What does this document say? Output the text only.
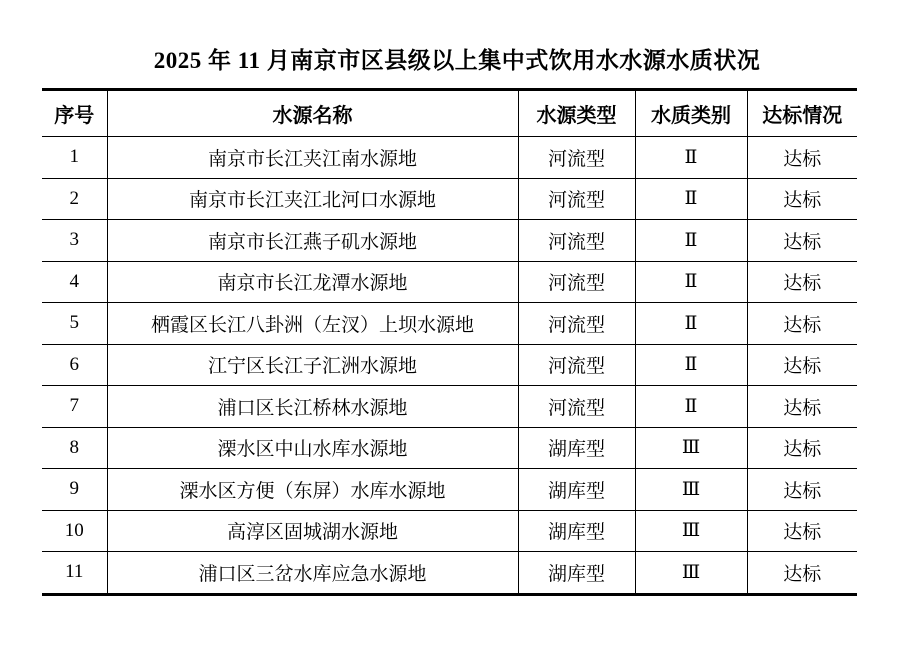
2025 年 11 月南京市区县级以上集中式饮用水水源水质状况
序号	水源名称	水源类型	水质类别	达标情况
1	南京市长江夹江南水源地	河流型	Ⅱ	达标
2	南京市长江夹江北河口水源地	河流型	Ⅱ	达标
3	南京市长江燕子矶水源地	河流型	Ⅱ	达标
4	南京市长江龙潭水源地	河流型	Ⅱ	达标
5	栖霞区长江八卦洲（左汊）上坝水源地	河流型	Ⅱ	达标
6	江宁区长江子汇洲水源地	河流型	Ⅱ	达标
7	浦口区长江桥林水源地	河流型	Ⅱ	达标
8	溧水区中山水库水源地	湖库型	Ⅲ	达标
9	溧水区方便（东屏）水库水源地	湖库型	Ⅲ	达标
10	高淳区固城湖水源地	湖库型	Ⅲ	达标
11	浦口区三岔水库应急水源地	湖库型	Ⅲ	达标
